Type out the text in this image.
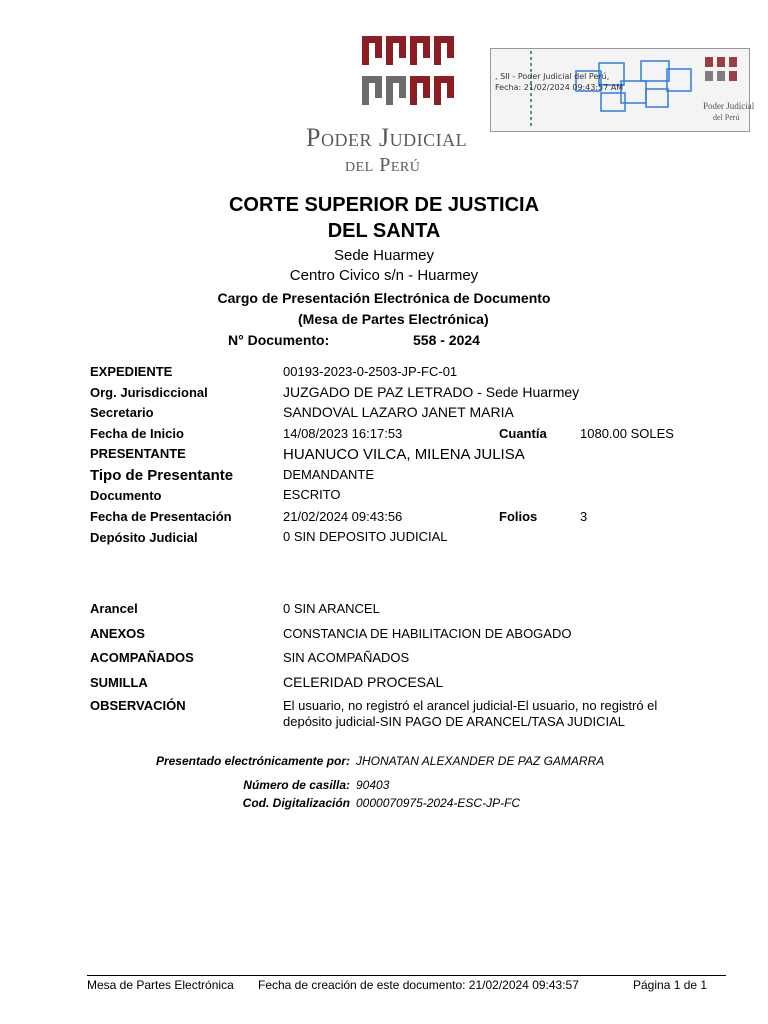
Poder Judicial
del Perú
Poder Judicial
del Perú
, SII - Poder Judicial del Perú,
Fecha: 21/02/2024 09:43:57 AM
CORTE SUPERIOR DE JUSTICIA
DEL SANTA
Sede Huarmey
Centro Civico s/n - Huarmey
Cargo de Presentación Electrónica de Documento
(Mesa de Partes Electrónica)
N° Documento:	558 - 2024
EXPEDIENTE	00193-2023-0-2503-JP-FC-01
Org. Jurisdiccional	JUZGADO DE PAZ LETRADO - Sede Huarmey
Secretario	SANDOVAL LAZARO JANET MARIA
Fecha de Inicio	14/08/2023 16:17:53	Cuantía	1080.00 SOLES
PRESENTANTE	HUANUCO VILCA, MILENA JULISA
Tipo de Presentante	DEMANDANTE
Documento	ESCRITO
Fecha de Presentación	21/02/2024 09:43:56	Folios	3
Depósito Judicial	0 SIN DEPOSITO JUDICIAL
Arancel	0 SIN ARANCEL
ANEXOS	CONSTANCIA DE HABILITACION DE ABOGADO
ACOMPAÑADOS	SIN ACOMPAÑADOS
SUMILLA	CELERIDAD PROCESAL
OBSERVACIÓN	El usuario, no registró el arancel judicial-El usuario, no registró el
depósito judicial-SIN PAGO DE ARANCEL/TASA JUDICIAL
Presentado electrónicamente por: JHONATAN ALEXANDER DE PAZ GAMARRA
Número de casilla: 90403
Cod. Digitalización 0000070975-2024-ESC-JP-FC
Mesa de Partes Electrónica Fecha de creación de este documento: 21/02/2024 09:43:57	Página 1 de 1
